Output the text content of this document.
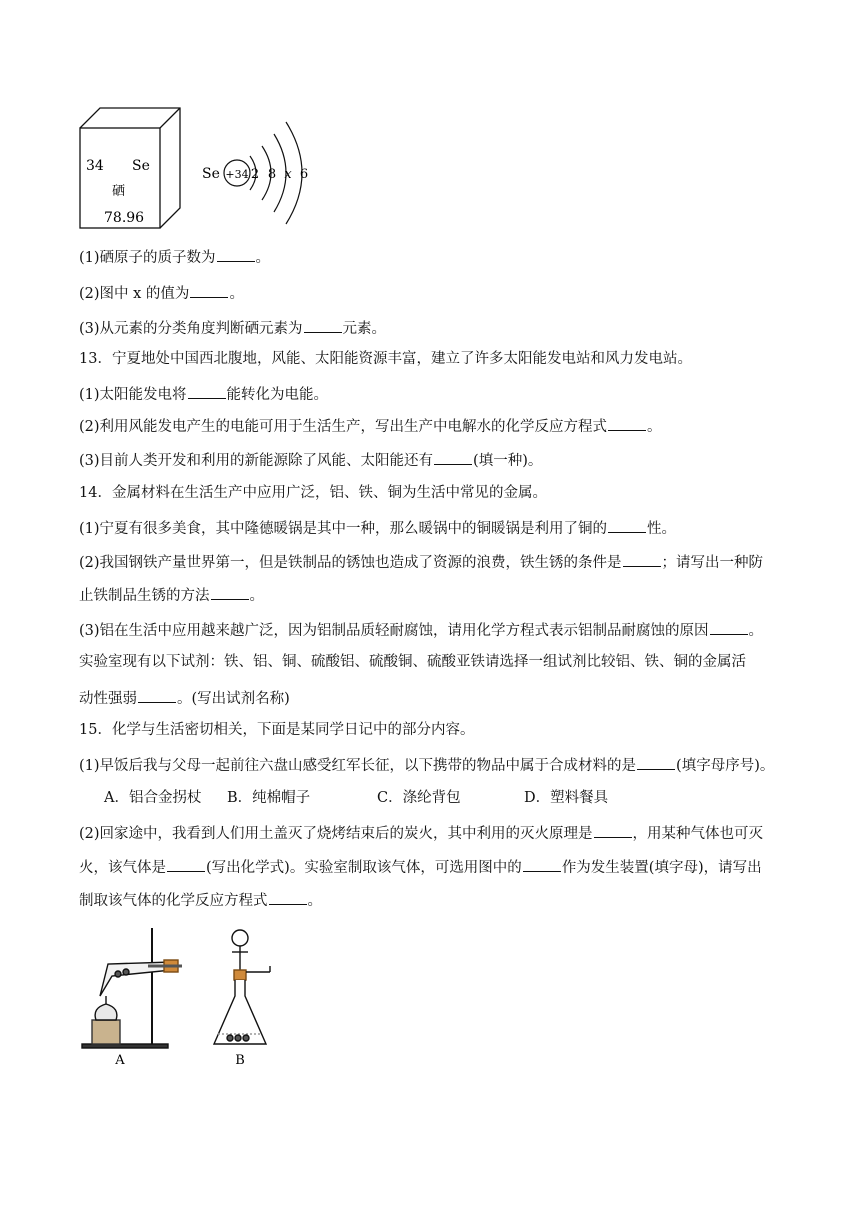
34 Se
硒
78.96
Se +34 2 8 x 6
(1)硒原子的质子数为	。
(2)图中 x 的值为	。
(3)从元素的分类角度判断硒元素为	元素。
13．宁夏地处中国西北腹地，风能、太阳能资源丰富，建立了许多太阳能发电站和风力发电站。
(1)太阳能发电将	能转化为电能。
(2)利用风能发电产生的电能可用于生活生产，写出生产中电解水的化学反应方程式	。
(3)目前人类开发和利用的新能源除了风能、太阳能还有	(填一种)。
14．金属材料在生活生产中应用广泛，铝、铁、铜为生活中常见的金属。
(1)宁夏有很多美食，其中隆德暖锅是其中一种，那么暖锅中的铜暖锅是利用了铜的	性。
(2)我国钢铁产量世界第一，但是铁制品的锈蚀也造成了资源的浪费，铁生锈的条件是	；请写出一种防
止铁制品生锈的方法	。
(3)铝在生活中应用越来越广泛，因为铝制品质轻耐腐蚀，请用化学方程式表示铝制品耐腐蚀的原因	。
实验室现有以下试剂：铁、铝、铜、硫酸铝、硫酸铜、硫酸亚铁请选择一组试剂比较铝、铁、铜的金属活
动性强弱	。(写出试剂名称)
15．化学与生活密切相关，下面是某同学日记中的部分内容。
(1)早饭后我与父母一起前往六盘山感受红军长征，以下携带的物品中属于合成材料的是	(填字母序号)。
A．铝合金拐杖 B．纯棉帽子	C．涤纶背包	D．塑料餐具
(2)回家途中，我看到人们用土盖灭了烧烤结束后的炭火，其中利用的灭火原理是	，用某种气体也可灭
火，该气体是	(写出化学式)。实验室制取该气体，可选用图中的	作为发生装置(填字母)，请写出
制取该气体的化学反应方程式	。
A	B
